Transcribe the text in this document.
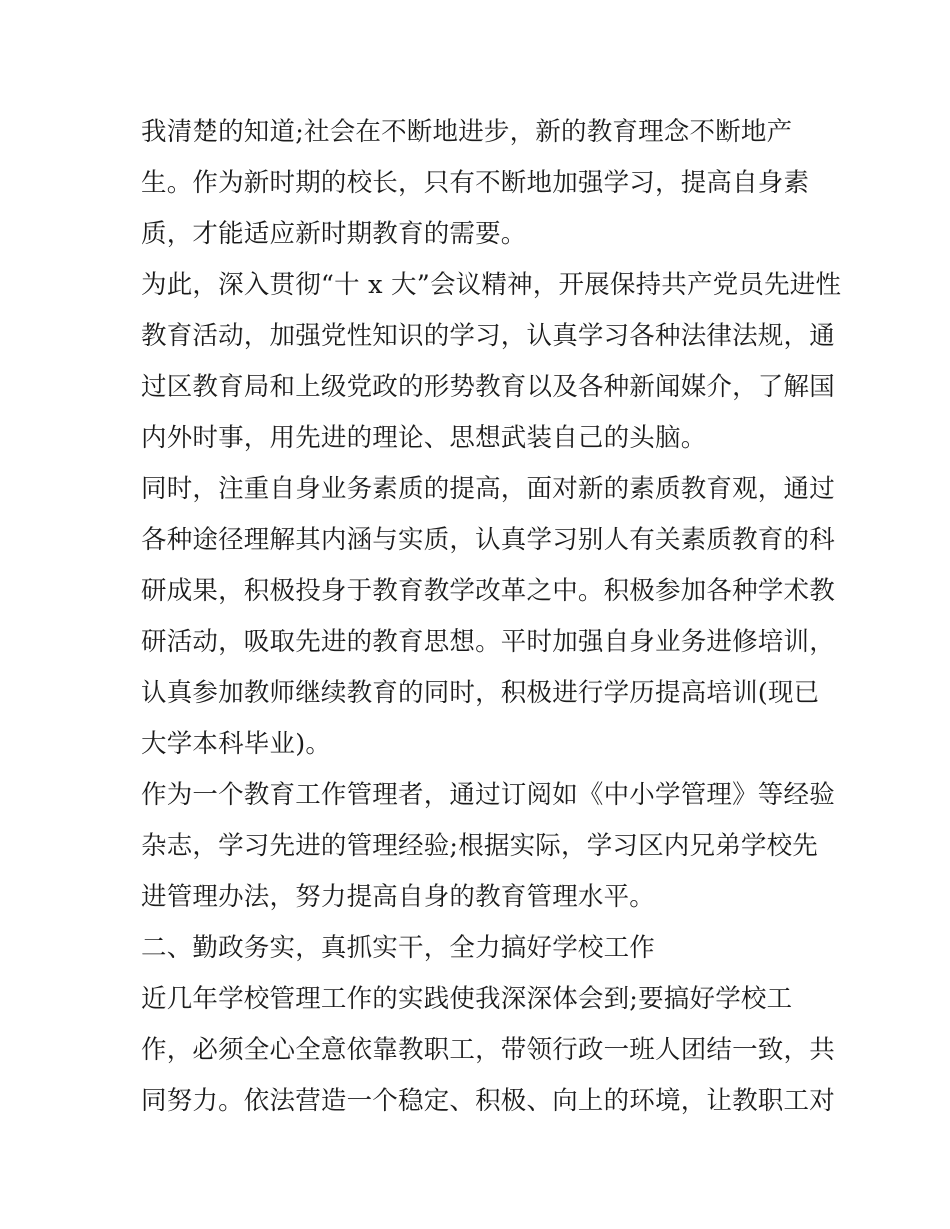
我清楚的知道;社会在不断地进步，新的教育理念不断地产
生。作为新时期的校长，只有不断地加强学习，提高自身素
质，才能适应新时期教育的需要。
为此，深入贯彻“十 x 大”会议精神，开展保持共产党员先进性
教育活动，加强党性知识的学习，认真学习各种法律法规，通
过区教育局和上级党政的形势教育以及各种新闻媒介，了解国
内外时事，用先进的理论、思想武装自己的头脑。
同时，注重自身业务素质的提高，面对新的素质教育观，通过
各种途径理解其内涵与实质，认真学习别人有关素质教育的科
研成果，积极投身于教育教学改革之中。积极参加各种学术教
研活动，吸取先进的教育思想。平时加强自身业务进修培训，
认真参加教师继续教育的同时，积极进行学历提高培训(现已
大学本科毕业)。
作为一个教育工作管理者，通过订阅如《中小学管理》等经验
杂志，学习先进的管理经验;根据实际，学习区内兄弟学校先
进管理办法，努力提高自身的教育管理水平。
二、勤政务实，真抓实干，全力搞好学校工作
近几年学校管理工作的实践使我深深体会到;要搞好学校工
作，必须全心全意依靠教职工，带领行政一班人团结一致，共
同努力。依法营造一个稳定、积极、向上的环境，让教职工对
